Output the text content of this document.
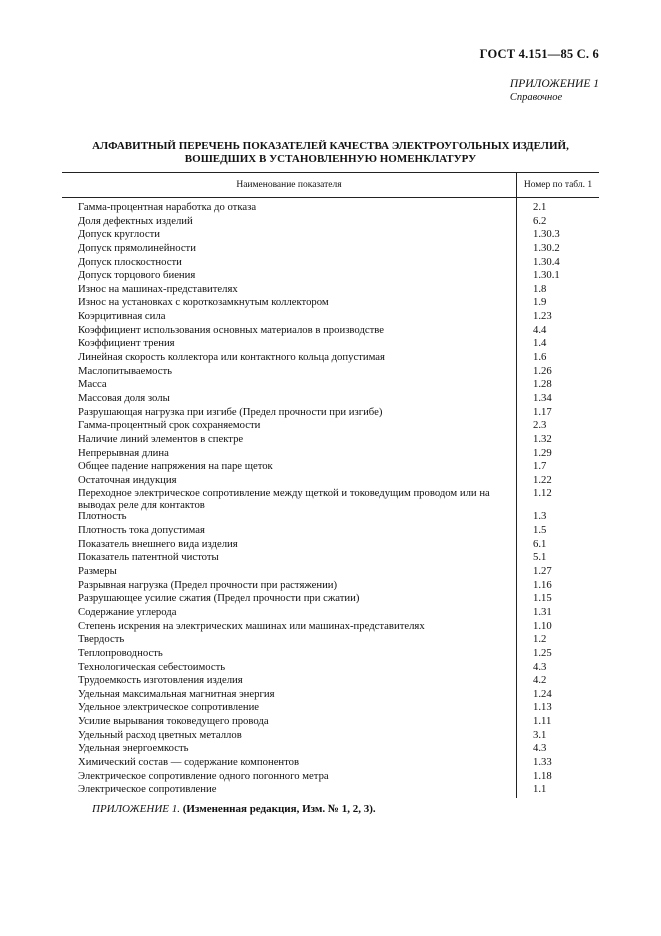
ГОСТ 4.151—85 С. 6
ПРИЛОЖЕНИЕ 1
Справочное
АЛФАВИТНЫЙ ПЕРЕЧЕНЬ ПОКАЗАТЕЛЕЙ КАЧЕСТВА ЭЛЕКТРОУГОЛЬНЫХ ИЗДЕЛИЙ,
ВОШЕДШИХ В УСТАНОВЛЕННУЮ НОМЕНКЛАТУРУ
Наименование показателя	Номер по табл. 1
Гамма-процентная наработка до отказа	2.1
Доля дефектных изделий	6.2
Допуск круглости	1.30.3
Допуск прямолинейности	1.30.2
Допуск плоскостности	1.30.4
Допуск торцового биения	1.30.1
Износ на машинах-представителях	1.8
Износ на установках с короткозамкнутым коллектором	1.9
Коэрцитивная сила	1.23
Коэффициент использования основных материалов в производстве	4.4
Коэффициент трения	1.4
Линейная скорость коллектора или контактного кольца допустимая	1.6
Маслопитываемость	1.26
Масса	1.28
Массовая доля золы	1.34
Разрушающая нагрузка при изгибе (Предел прочности при изгибе)	1.17
Гамма-процентный срок сохраняемости	2.3
Наличие линий элементов в спектре	1.32
Непрерывная длина	1.29
Общее падение напряжения на паре щеток	1.7
Остаточная индукция	1.22
Переходное электрическое сопротивление между щеткой и токоведущим проводом или на выводах реле для контактов	1.12
Плотность	1.3
Плотность тока допустимая	1.5
Показатель внешнего вида изделия	6.1
Показатель патентной чистоты	5.1
Размеры	1.27
Разрывная нагрузка (Предел прочности при растяжении)	1.16
Разрушающее усилие сжатия (Предел прочности при сжатии)	1.15
Содержание углерода	1.31
Степень искрения на электрических машинах или машинах-представителях	1.10
Твердость	1.2
Теплопроводность	1.25
Технологическая себестоимость	4.3
Трудоемкость изготовления изделия	4.2
Удельная максимальная магнитная энергия	1.24
Удельное электрическое сопротивление	1.13
Усилие вырывания токоведущего провода	1.11
Удельный расход цветных металлов	3.1
Удельная энергоемкость	4.3
Химический состав — содержание компонентов	1.33
Электрическое сопротивление одного погонного метра	1.18
Электрическое сопротивление	1.1
ПРИЛОЖЕНИЕ 1. (Измененная редакция, Изм. № 1, 2, 3).
